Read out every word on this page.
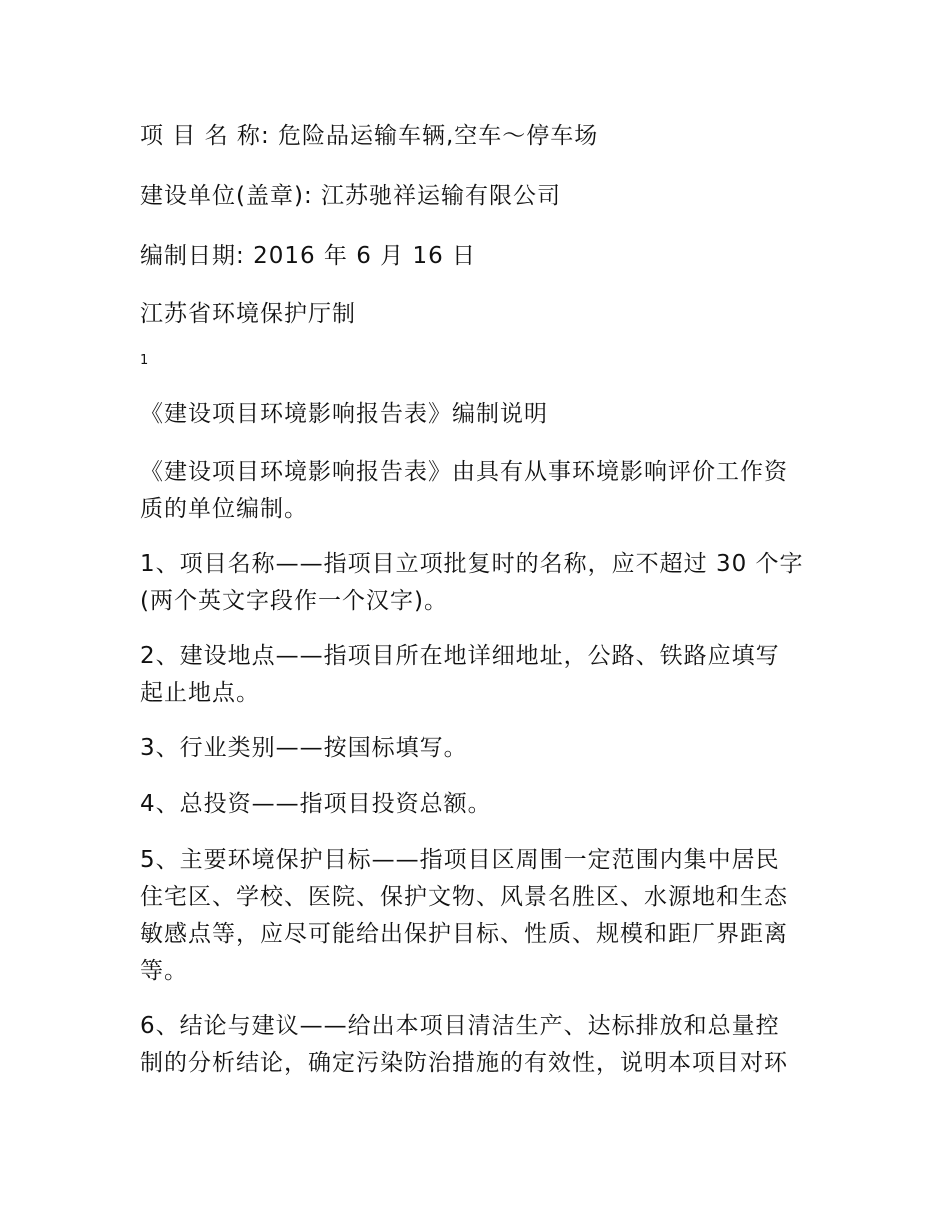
项 目 名 称: 危险品运输车辆,空车～停车场
建设单位(盖章): 江苏驰祥运输有限公司
编制日期: 2016 年 6 月 16 日
江苏省环境保护厅制
1
《建设项目环境影响报告表》编制说明
《建设项目环境影响报告表》由具有从事环境影响评价工作资
质的单位编制。
1、项目名称——指项目立项批复时的名称，应不超过 30 个字
(两个英文字段作一个汉字)。
2、建设地点——指项目所在地详细地址，公路、铁路应填写
起止地点。
3、行业类别——按国标填写。
4、总投资——指项目投资总额。
5、主要环境保护目标——指项目区周围一定范围内集中居民
住宅区、学校、医院、保护文物、风景名胜区、水源地和生态
敏感点等，应尽可能给出保护目标、性质、规模和距厂界距离
等。
6、结论与建议——给出本项目清洁生产、达标排放和总量控
制的分析结论，确定污染防治措施的有效性，说明本项目对环
